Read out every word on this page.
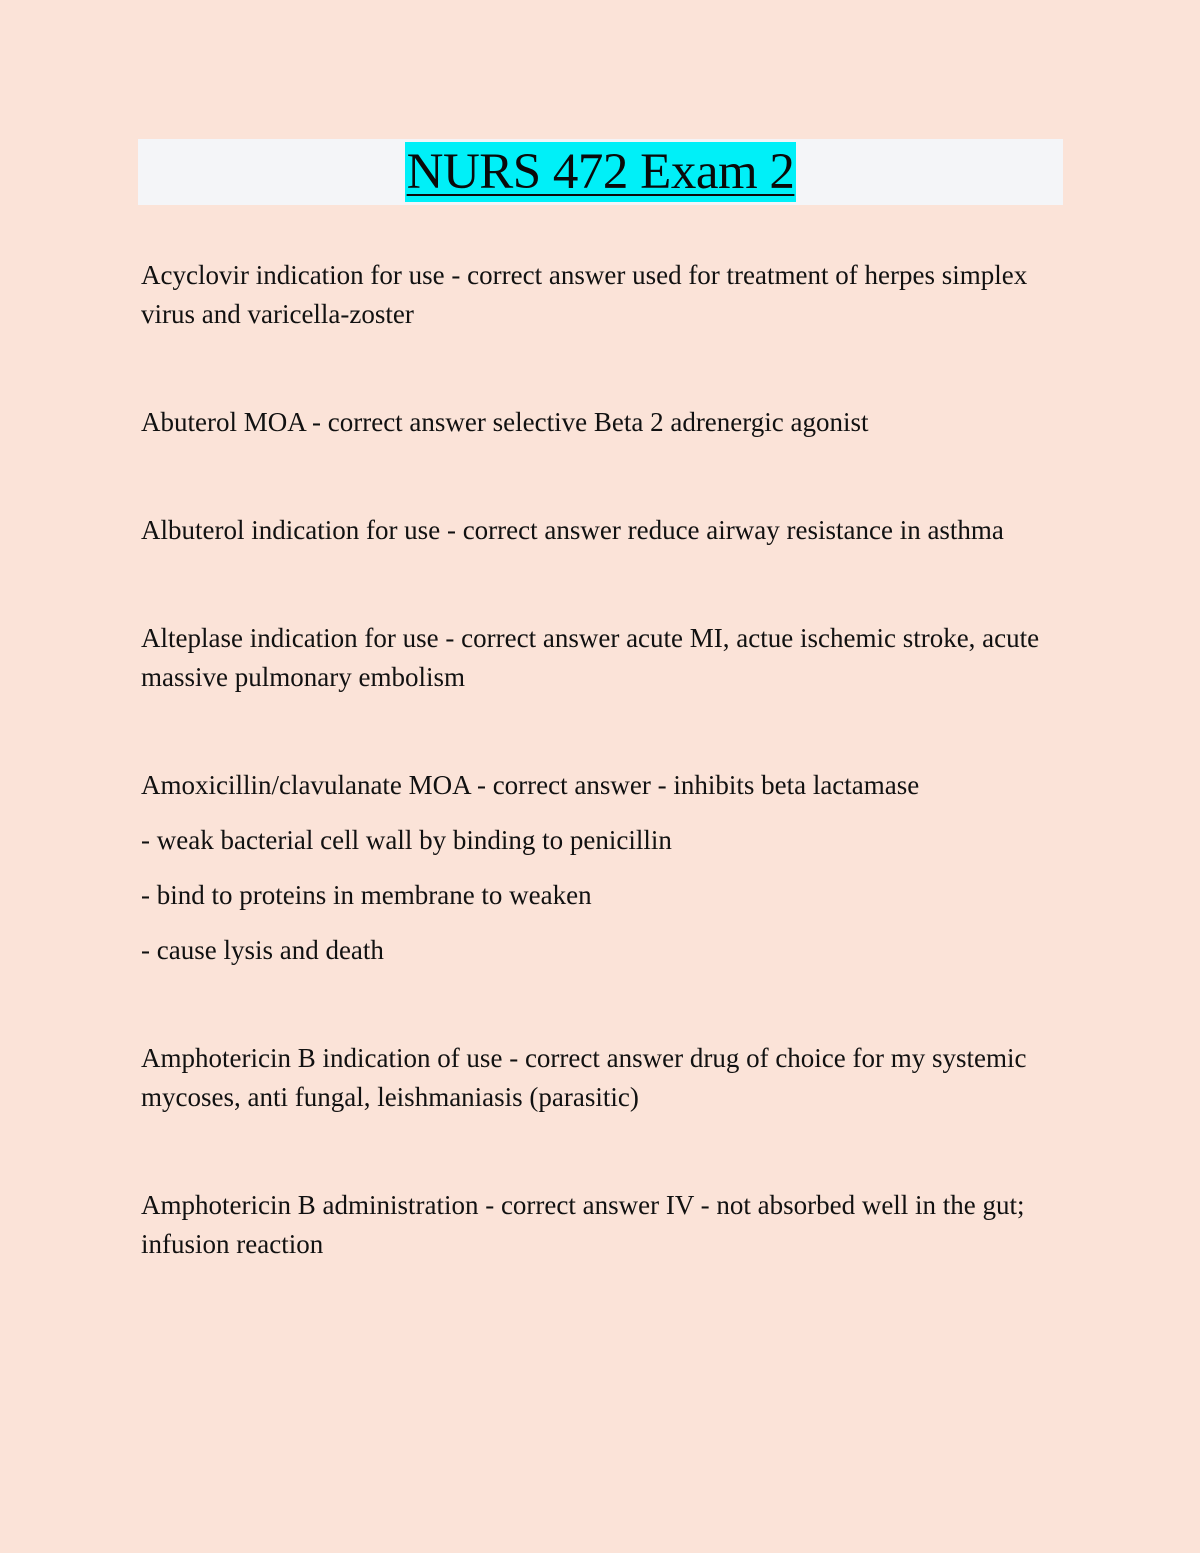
NURS 472 Exam 2

Acyclovir indication for use - correct answer used for treatment of herpes simplex virus and varicella-zoster

Abuterol MOA - correct answer selective Beta 2 adrenergic agonist

Albuterol indication for use - correct answer reduce airway resistance in asthma

Alteplase indication for use - correct answer acute MI, actue ischemic stroke, acute massive pulmonary embolism

Amoxicillin/clavulanate MOA - correct answer - inhibits beta lactamase

- weak bacterial cell wall by binding to penicillin

- bind to proteins in membrane to weaken

- cause lysis and death

Amphotericin B indication of use - correct answer drug of choice for my systemic mycoses, anti fungal, leishmaniasis (parasitic)

Amphotericin B administration - correct answer IV - not absorbed well in the gut; infusion reaction
